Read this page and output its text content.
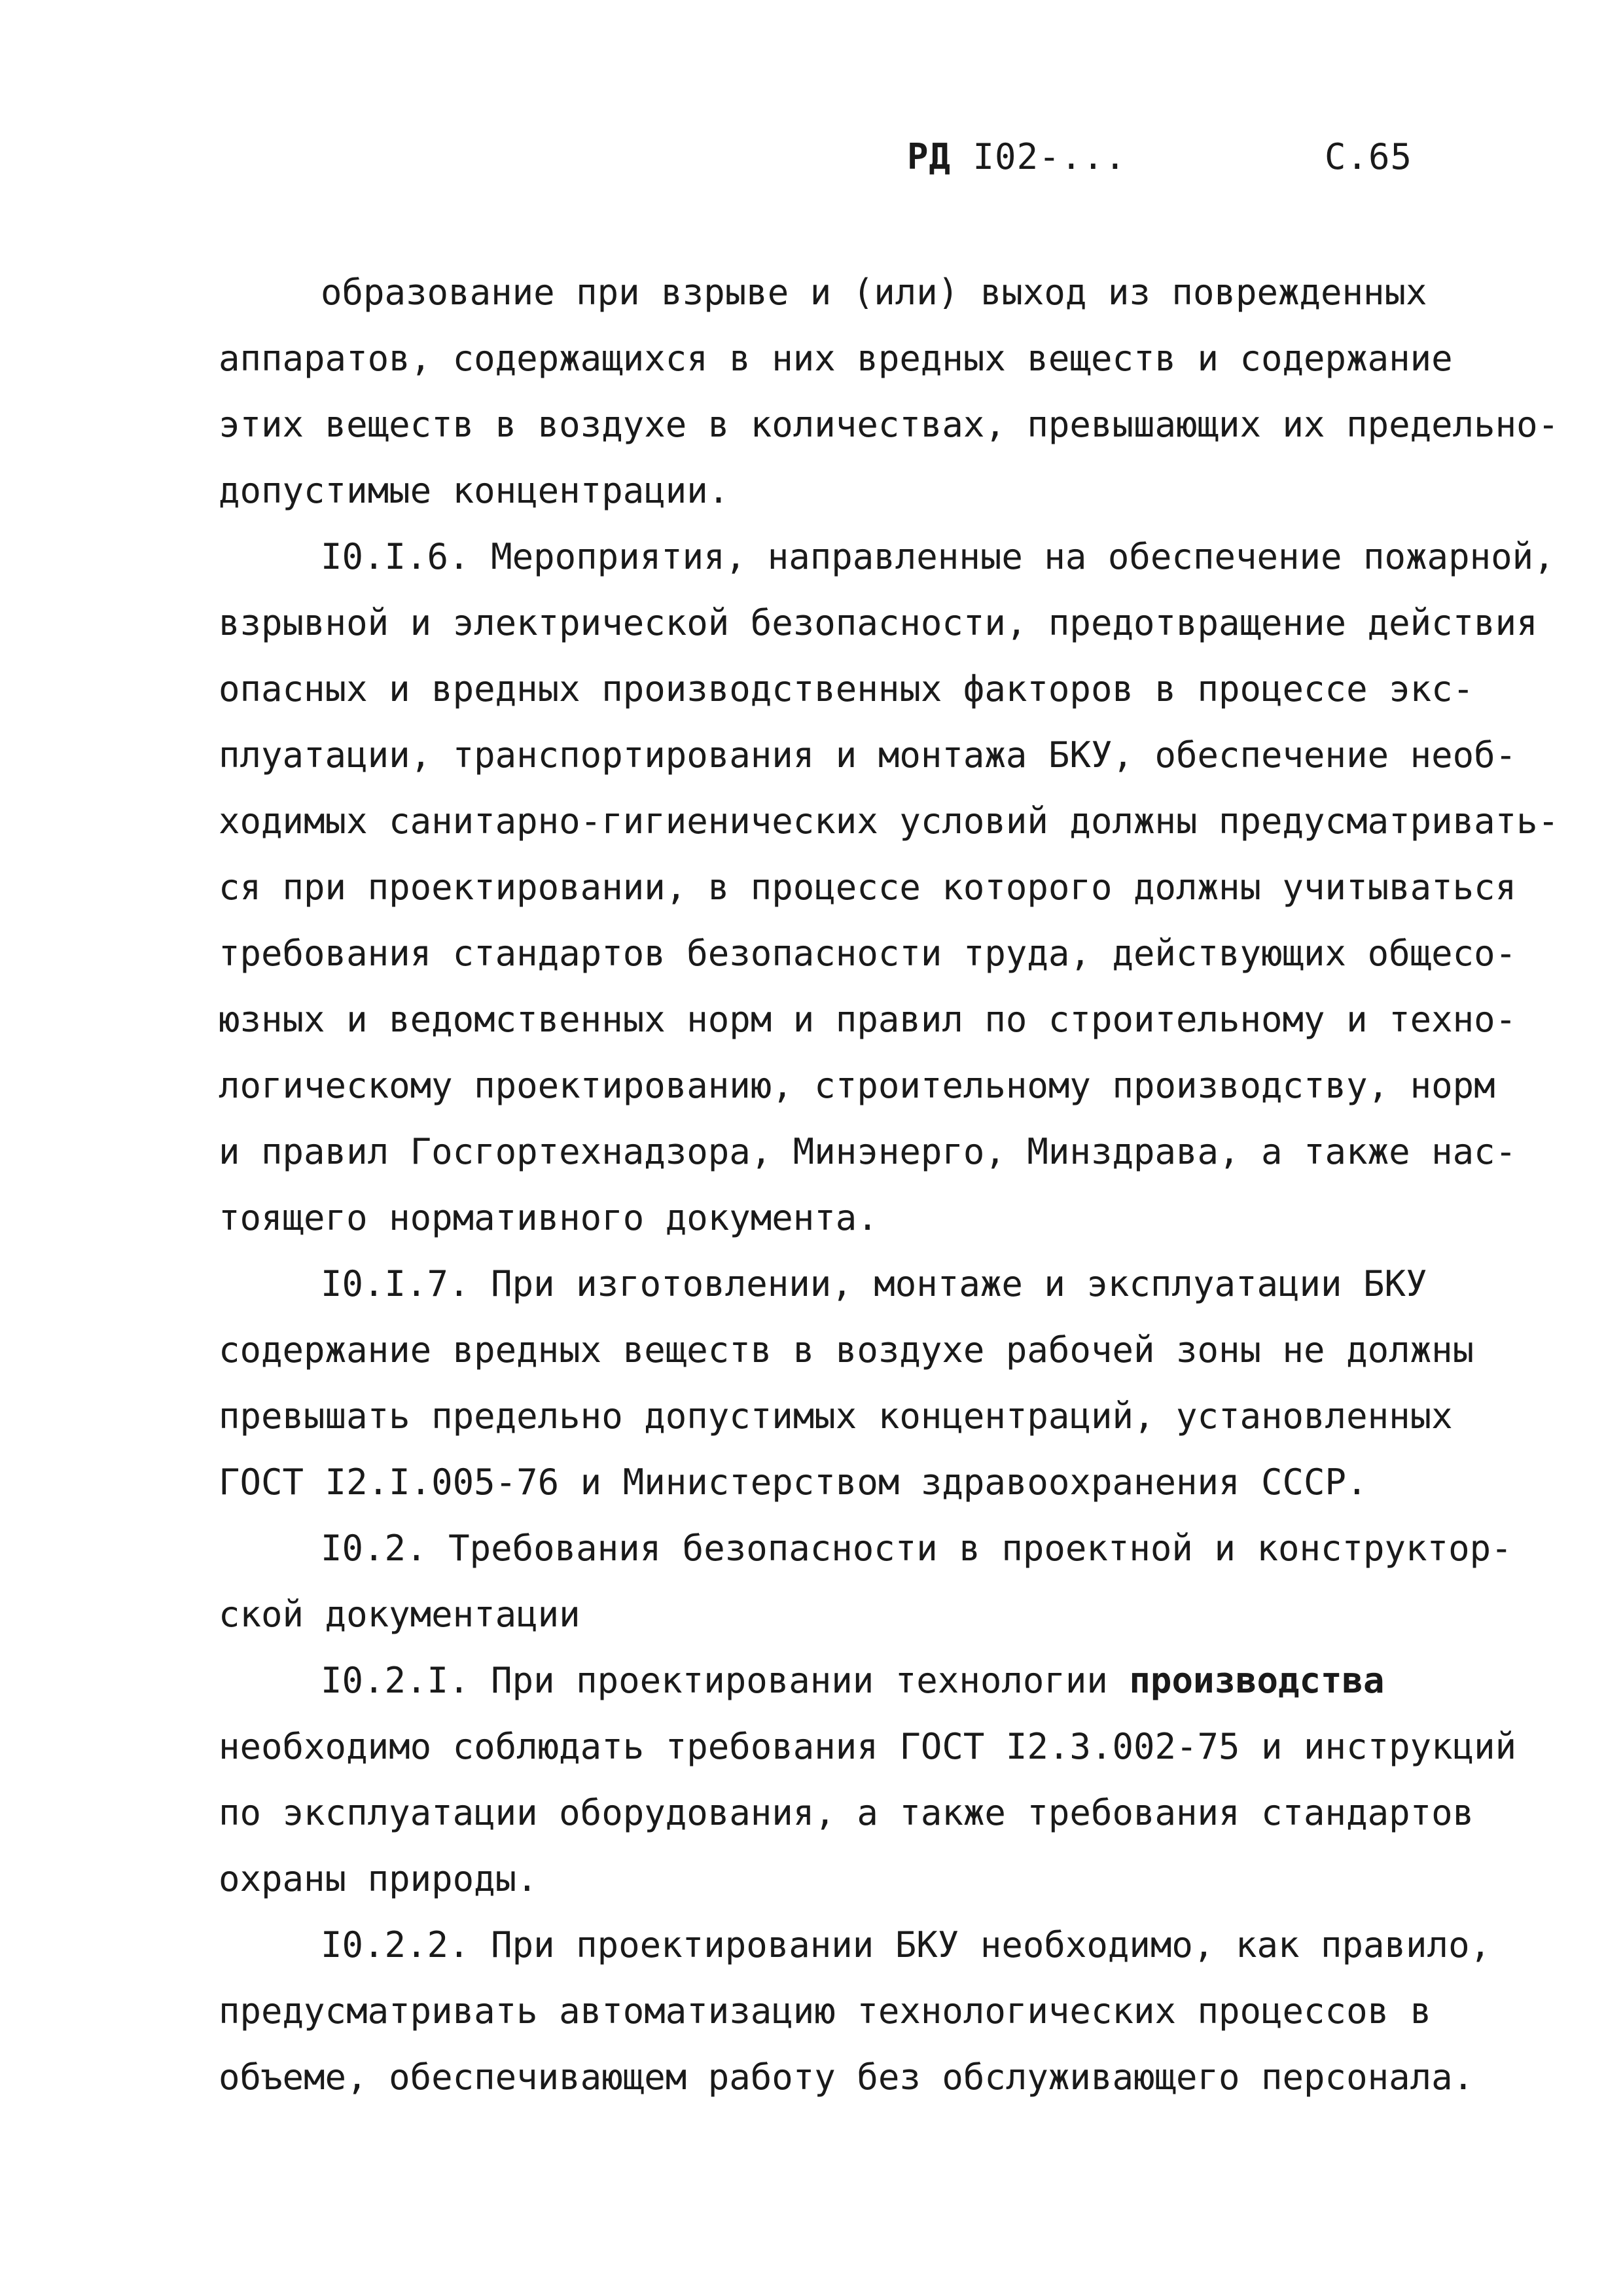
РД I02-...	С.65
образование при взрыве и (или) выход из поврежденных
аппаратов, содержащихся в них вредных веществ и содержание
этих веществ в воздухе в количествах, превышающих их предельно-
допустимые концентрации.
I0.I.6. Мероприятия, направленные на обеспечение пожарной,
взрывной и электрической безопасности, предотвращение действия
опасных и вредных производственных факторов в процессе экс-
плуатации, транспортирования и монтажа БКУ, обеспечение необ-
ходимых санитарно-гигиенических условий должны предусматривать-
ся при проектировании, в процессе которого должны учитываться
требования стандартов безопасности труда, действующих общесо-
юзных и ведомственных норм и правил по строительному и техно-
логическому проектированию, строительному производству, норм
и правил Госгортехнадзора, Минэнерго, Минздрава, а также нас-
тоящего нормативного документа.
I0.I.7. При изготовлении, монтаже и эксплуатации БКУ
содержание вредных веществ в воздухе рабочей зоны не должны
превышать предельно допустимых концентраций, установленных
ГОСТ I2.I.005-76 и Министерством здравоохранения СССР.
I0.2. Требования безопасности в проектной и конструктор-
ской документации
I0.2.I. При проектировании технологии производства
необходимо соблюдать требования ГОСТ I2.3.002-75 и инструкций
по эксплуатации оборудования, а также требования стандартов
охраны природы.
I0.2.2. При проектировании БКУ необходимо, как правило,
предусматривать автоматизацию технологических процессов в
объеме, обеспечивающем работу без обслуживающего персонала.
